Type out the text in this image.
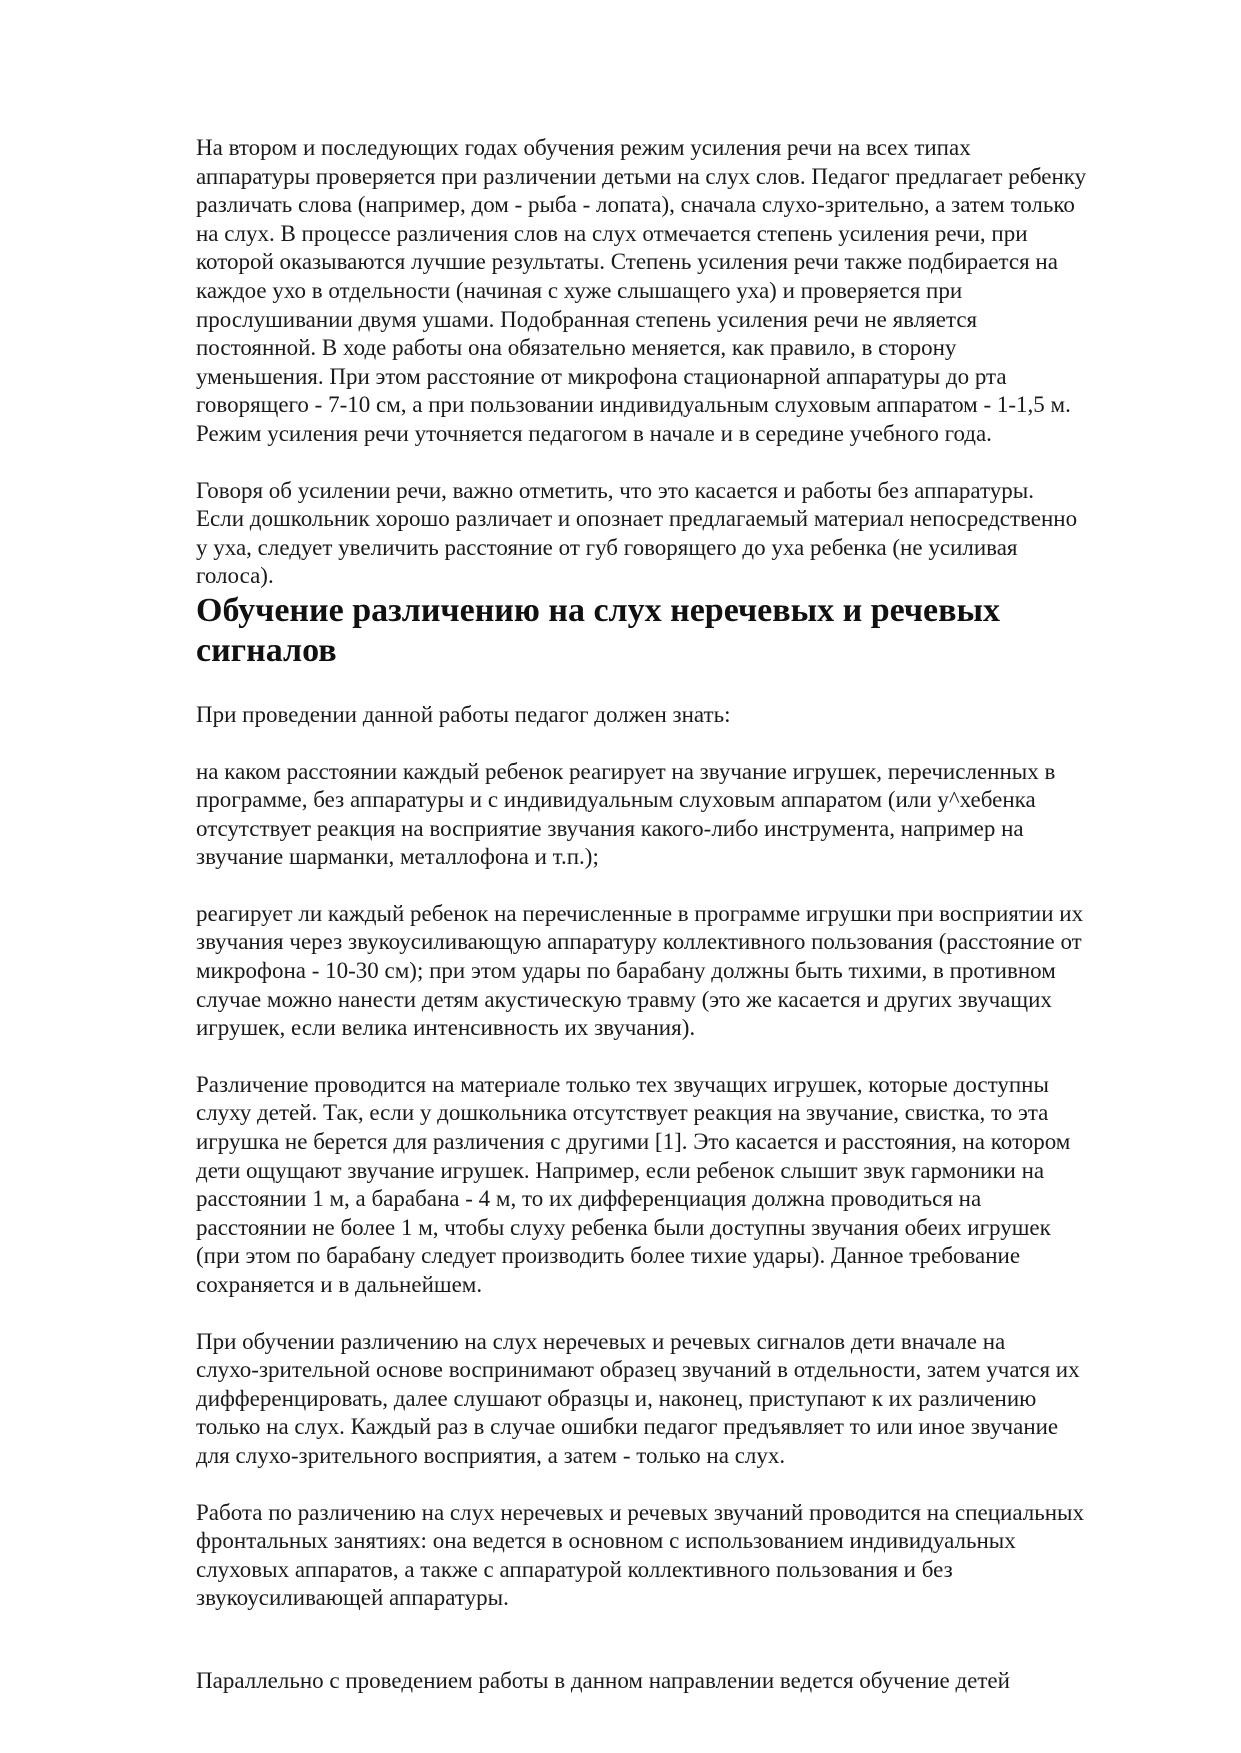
На втором и последующих годах обучения режим усиления речи на всех типах
аппаратуры проверяется при различении детьми на слух слов. Педагог предлагает ребенку
различать слова (например, дом - рыба - лопата), сначала слухо-зрительно, а затем только
на слух. В процессе различения слов на слух отмечается степень усиления речи, при
которой оказываются лучшие результаты. Степень усиления речи также подбирается на
каждое ухо в отдельности (начиная с хуже слышащего уха) и проверяется при
прослушивании двумя ушами. Подобранная степень усиления речи не является
постоянной. В ходе работы она обязательно меняется, как правило, в сторону
уменьшения. При этом расстояние от микрофона стационарной аппаратуры до рта
говорящего - 7-10 см, а при пользовании индивидуальным слуховым аппаратом - 1-1,5 м.
Режим усиления речи уточняется педагогом в начале и в середине учебного года.

Говоря об усилении речи, важно отметить, что это касается и работы без аппаратуры.
Если дошкольник хорошо различает и опознает предлагаемый материал непосредственно
у уха, следует увеличить расстояние от губ говорящего до уха ребенка (не усиливая
голоса).

Обучение различению на слух неречевых и речевых
сигналов

При проведении данной работы педагог должен знать:

на каком расстоянии каждый ребенок реагирует на звучание игрушек, перечисленных в
программе, без аппаратуры и с индивидуальным слуховым аппаратом (или у^хебенка
отсутствует реакция на восприятие звучания какого-либо инструмента, например на
звучание шарманки, металлофона и т.п.);

реагирует ли каждый ребенок на перечисленные в программе игрушки при восприятии их
звучания через звукоусиливающую аппаратуру коллективного пользования (расстояние от
микрофона - 10-30 см); при этом удары по барабану должны быть тихими, в противном
случае можно нанести детям акустическую травму (это же касается и других звучащих
игрушек, если велика интенсивность их звучания).

Различение проводится на материале только тех звучащих игрушек, которые доступны
слуху детей. Так, если у дошкольника отсутствует реакция на звучание, свистка, то эта
игрушка не берется для различения с другими [1]. Это касается и расстояния, на котором
дети ощущают звучание игрушек. Например, если ребенок слышит звук гармоники на
расстоянии 1 м, а барабана - 4 м, то их дифференциация должна проводиться на
расстоянии не более 1 м, чтобы слуху ребенка были доступны звучания обеих игрушек
(при этом по барабану следует производить более тихие удары). Данное требование
сохраняется и в дальнейшем.

При обучении различению на слух неречевых и речевых сигналов дети вначале на
слухо-зрительной основе воспринимают образец звучаний в отдельности, затем учатся их
дифференцировать, далее слушают образцы и, наконец, приступают к их различению
только на слух. Каждый раз в случае ошибки педагог предъявляет то или иное звучание
для слухо-зрительного восприятия, а затем - только на слух.

Работа по различению на слух неречевых и речевых звучаний проводится на специальных
фронтальных занятиях: она ведется в основном с использованием индивидуальных
слуховых аппаратов, а также с аппаратурой коллективного пользования и без
звукоусиливающей аппаратуры.

Параллельно с проведением работы в данном направлении ведется обучение детей
